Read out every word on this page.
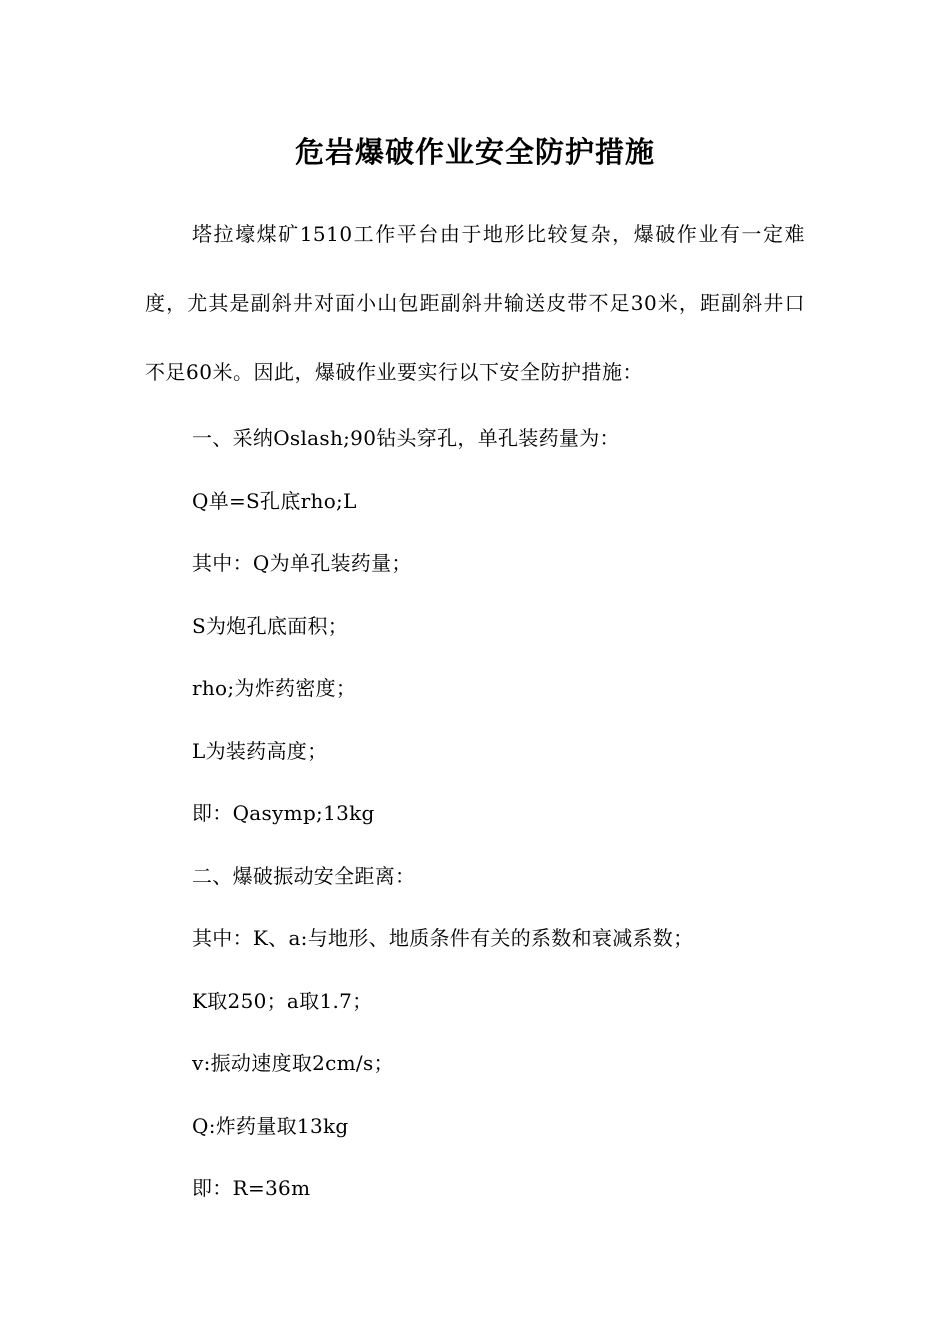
危岩爆破作业安全防护措施

塔拉壕煤矿1510工作平台由于地形比较复杂，爆破作业有一定难度，尤其是副斜井对面小山包距副斜井输送皮带不足30米，距副斜井口不足60米。因此，爆破作业要实行以下安全防护措施：

一、采纳Oslash;90钻头穿孔，单孔装药量为：

Q单=S孔底rho;L

其中：Q为单孔装药量；

S为炮孔底面积；

rho;为炸药密度；

L为装药高度；

即：Qasymp;13kg

二、爆破振动安全距离：

其中：K、a:与地形、地质条件有关的系数和衰减系数；

K取250；a取1.7；

v:振动速度取2cm/s；

Q:炸药量取13kg

即：R=36m
